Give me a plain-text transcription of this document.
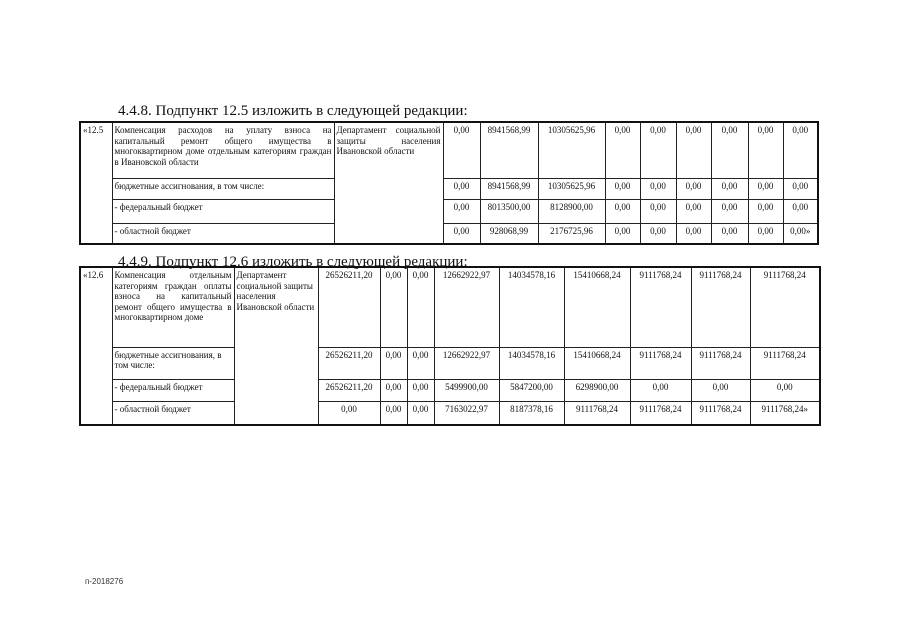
4.4.8. Подпункт 12.5 изложить в следующей редакции:
«12.5	Компенсация расходов на уплату взноса на капитальный ремонт общего имущества в многоквартирном доме отдельным категориям граждан в Ивановской области	Департамент социальной защиты населения Ивановской области	0,00	8941568,99	10305625,96	0,00	0,00	0,00	0,00	0,00	0,00
	бюджетные ассигнования, в том числе:		0,00	8941568,99	10305625,96	0,00	0,00	0,00	0,00	0,00	0,00
	- федеральный бюджет		0,00	8013500,00	8128900,00	0,00	0,00	0,00	0,00	0,00	0,00
	- областной бюджет		0,00	928068,99	2176725,96	0,00	0,00	0,00	0,00	0,00	0,00»
4.4.9. Подпункт 12.6 изложить в следующей редакции:
«12.6	Компенсация отдельным категориям граждан оплаты взноса на капитальный ремонт общего имущества в многоквартирном доме	Департамент социальной защиты населения Ивановской области	26526211,20	0,00	0,00	12662922,97	14034578,16	15410668,24	9111768,24	9111768,24	9111768,24
	бюджетные ассигнования, в том числе:		26526211,20	0,00	0,00	12662922,97	14034578,16	15410668,24	9111768,24	9111768,24	9111768,24
	- федеральный бюджет		26526211,20	0,00	0,00	5499900,00	5847200,00	6298900,00	0,00	0,00	0,00
	- областной бюджет		0,00	0,00	0,00	7163022,97	8187378,16	9111768,24	9111768,24	9111768,24	9111768,24»
п-2018276
